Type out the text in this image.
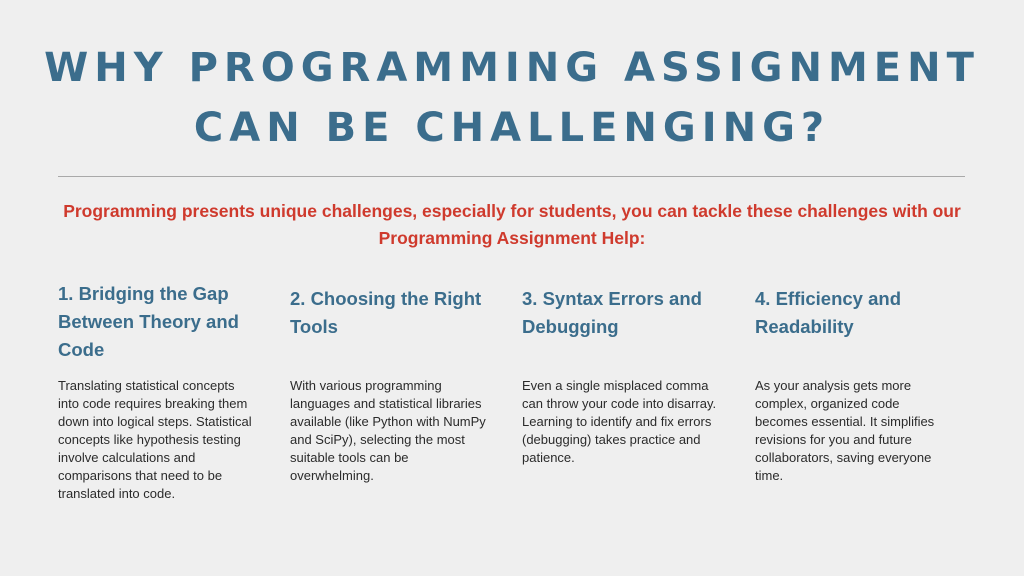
WHY PROGRAMMING ASSIGNMENT
CAN BE CHALLENGING?

Programming presents unique challenges, especially for students, you can tackle these challenges with our Programming Assignment Help:

1. Bridging the Gap Between Theory and Code

Translating statistical concepts into code requires breaking them down into logical steps. Statistical concepts like hypothesis testing involve calculations and comparisons that need to be translated into code.

2. Choosing the Right Tools

With various programming languages and statistical libraries available (like Python with NumPy and SciPy), selecting the most suitable tools can be overwhelming.

3. Syntax Errors and Debugging

Even a single misplaced comma can throw your code into disarray. Learning to identify and fix errors (debugging) takes practice and patience.

4. Efficiency and Readability

As your analysis gets more complex, organized code becomes essential. It simplifies revisions for you and future collaborators, saving everyone time.
